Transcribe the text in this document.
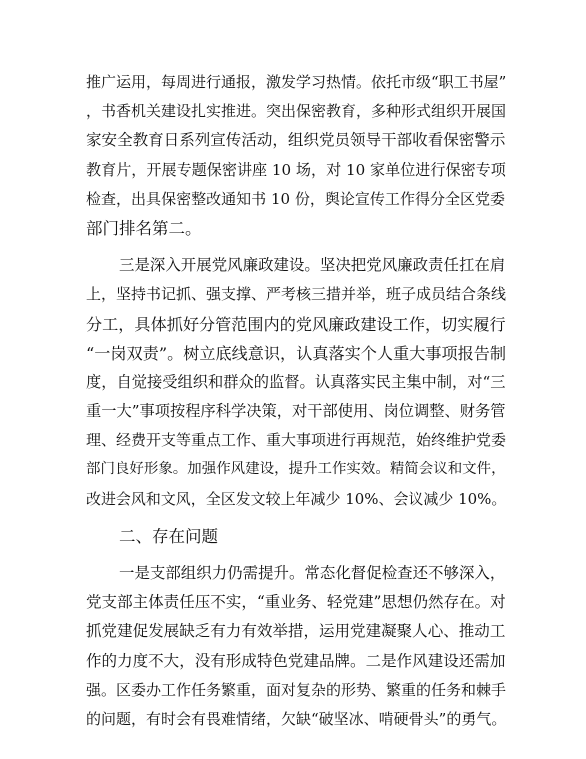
推广运用，每周进行通报，激发学习热情。依托市级“职工书屋”
，书香机关建设扎实推进。突出保密教育，多种形式组织开展国
家安全教育日系列宣传活动，组织党员领导干部收看保密警示
教育片，开展专题保密讲座 10 场，对 10 家单位进行保密专项
检查，出具保密整改通知书 10 份，舆论宣传工作得分全区党委
部门排名第二。
三是深入开展党风廉政建设。坚决把党风廉政责任扛在肩
上，坚持书记抓、强支撑、严考核三措并举，班子成员结合条线
分工，具体抓好分管范围内的党风廉政建设工作，切实履行
“一岗双责”。树立底线意识，认真落实个人重大事项报告制
度，自觉接受组织和群众的监督。认真落实民主集中制，对“三
重一大”事项按程序科学决策，对干部使用、岗位调整、财务管
理、经费开支等重点工作、重大事项进行再规范，始终维护党委
部门良好形象。加强作风建设，提升工作实效。精简会议和文件，
改进会风和文风，全区发文较上年减少 10%、会议减少 10%。
二、存在问题
一是支部组织力仍需提升。常态化督促检查还不够深入，
党支部主体责任压不实，“重业务、轻党建”思想仍然存在。对
抓党建促发展缺乏有力有效举措，运用党建凝聚人心、推动工
作的力度不大，没有形成特色党建品牌。二是作风建设还需加
强。区委办工作任务繁重，面对复杂的形势、繁重的任务和棘手
的问题，有时会有畏难情绪，欠缺“破坚冰、啃硬骨头”的勇气。
